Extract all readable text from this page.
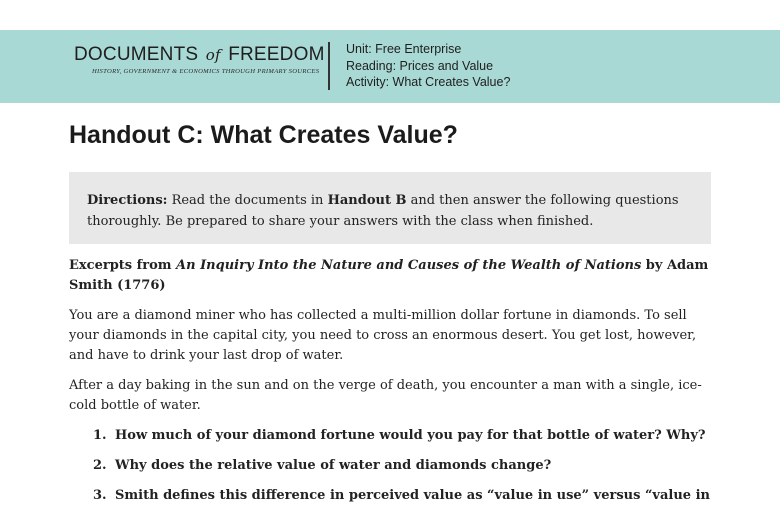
DOCUMENTS of FREEDOM
HISTORY, GOVERNMENT & ECONOMICS THROUGH PRIMARY SOURCES
Unit: Free Enterprise
Reading: Prices and Value
Activity: What Creates Value?
Handout C: What Creates Value?
Directions: Read the documents in Handout B and then answer the following questions thoroughly. Be prepared to share your answers with the class when finished.

Excerpts from An Inquiry Into the Nature and Causes of the Wealth of Nations by Adam Smith (1776)

You are a diamond miner who has collected a multi-million dollar fortune in diamonds. To sell your diamonds in the capital city, you need to cross an enormous desert. You get lost, however, and have to drink your last drop of water.

After a day baking in the sun and on the verge of death, you encounter a man with a single, ice-cold bottle of water.

1. How much of your diamond fortune would you pay for that bottle of water? Why?
2. Why does the relative value of water and diamonds change?
3. Smith defines this difference in perceived value as “value in use” versus “value in
